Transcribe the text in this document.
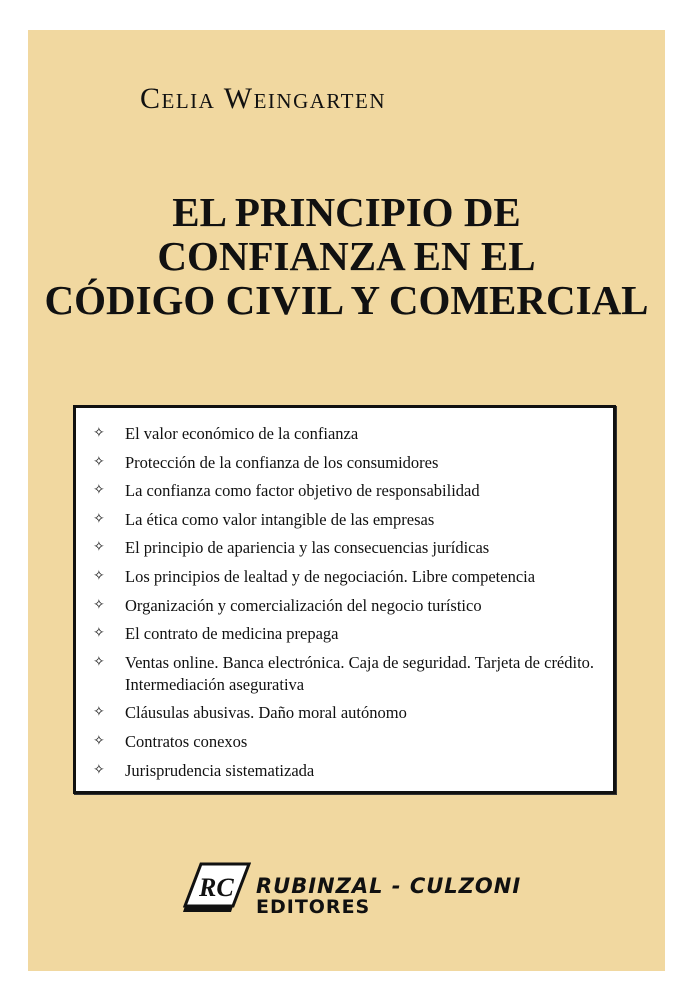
Celia Weingarten
EL PRINCIPIO DE
CONFIANZA EN EL
CÓDIGO CIVIL Y COMERCIAL
✧	El valor económico de la confianza
✧	Protección de la confianza de los consumidores
✧	La confianza como factor objetivo de responsabilidad
✧	La ética como valor intangible de las empresas
✧	El principio de apariencia y las consecuencias jurídicas
✧	Los principios de lealtad y de negociación. Libre competencia
✧	Organización y comercialización del negocio turístico
✧	El contrato de medicina prepaga
✧	Ventas online. Banca electrónica. Caja de seguridad. Tarjeta de crédito. Intermediación asegurativa
✧	Cláusulas abusivas. Daño moral autónomo
✧	Contratos conexos
✧	Jurisprudencia sistematizada
RC RUBINZAL - CULZONI
EDITORES
